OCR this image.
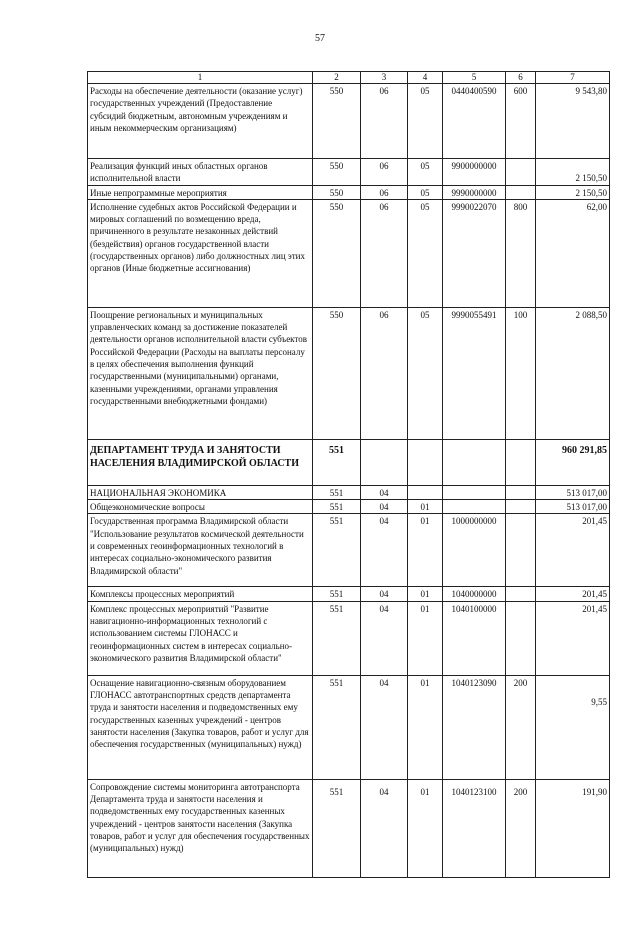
57
1	2	3	4	5	6	7
Расходы на обеспечение деятельности (оказание услуг) государственных учреждений (Предоставление субсидий бюджетным, автономным учреждениям и иным некоммерческим организациям)	550	06	05	0440400590	600	9 543,80
Реализация функций иных областных органов исполнительной власти	550	06	05	9900000000		2 150,50
Иные непрограммные мероприятия	550	06	05	9990000000		2 150,50
Исполнение судебных актов Российской Федерации и мировых соглашений по возмещению вреда, причиненного в результате незаконных действий (бездействия) органов государственной власти (государственных органов) либо должностных лиц этих органов (Иные бюджетные ассигнования)	550	06	05	9990022070	800	62,00
Поощрение региональных и муниципальных управленческих команд за достижение показателей деятельности органов исполнительной власти субъектов Российской Федерации (Расходы на выплаты персоналу в целях обеспечения выполнения функций государственными (муниципальными) органами, казенными учреждениями, органами управления государственными внебюджетными фондами)	550	06	05	9990055491	100	2 088,50
ДЕПАРТАМЕНТ ТРУДА И ЗАНЯТОСТИ НАСЕЛЕНИЯ ВЛАДИМИРСКОЙ ОБЛАСТИ	551					960 291,85
НАЦИОНАЛЬНАЯ ЭКОНОМИКА	551	04				513 017,00
Общеэкономические вопросы	551	04	01			513 017,00
Государственная программа Владимирской области "Использование результатов космической деятельности и современных геоинформационных технологий в интересах социально-экономического развития Владимирской области"	551	04	01	1000000000		201,45
Комплексы процессных мероприятий	551	04	01	1040000000		201,45
Комплекс процессных мероприятий "Развитие навигационно-информационных технологий с использованием системы ГЛОНАСС и геоинформационных систем в интересах социально-экономического развития Владимирской области"	551	04	01	1040100000		201,45
Оснащение навигационно-связным оборудованием ГЛОНАСС автотранспортных средств департамента труда и занятости населения и подведомственных ему государственных казенных учреждений - центров занятости населения (Закупка товаров, работ и услуг для обеспечения государственных (муниципальных) нужд)	551	04	01	1040123090	200	9,55
Сопровождение системы мониторинга автотранспорта Департамента труда и занятости населения и подведомственных ему государственных казенных учреждений - центров занятости населения (Закупка товаров, работ и услуг для обеспечения государственных (муниципальных) нужд)	551	04	01	1040123100	200	191,90
